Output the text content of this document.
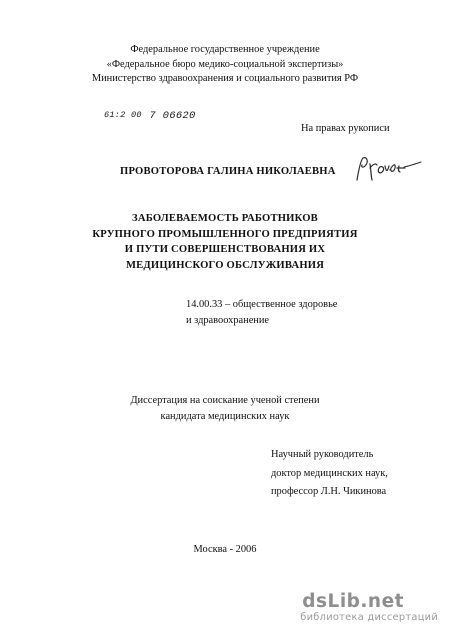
Федеральное государственное учреждение
«Федеральное бюро медико-социальной экспертизы»
Министерство здравоохранения и социального развития РФ
61:2 00 7 06620
На правах рукописи
ПРОВОТОРОВА ГАЛИНА НИКОЛАЕВНА
ЗАБОЛЕВАЕМОСТЬ РАБОТНИКОВ
КРУПНОГО ПРОМЫШЛЕННОГО ПРЕДПРИЯТИЯ
И ПУТИ СОВЕРШЕНСТВОВАНИЯ ИХ
МЕДИЦИНСКОГО ОБСЛУЖИВАНИЯ
14.00.33 – общественное здоровье
и здравоохранение
Диссертация на соискание ученой степени
кандидата медицинских наук
Научный руководитель
доктор медицинских наук,
профессор Л.Н. Чикинова
Москва - 2006
dsLib.net
библиотека диссертаций
